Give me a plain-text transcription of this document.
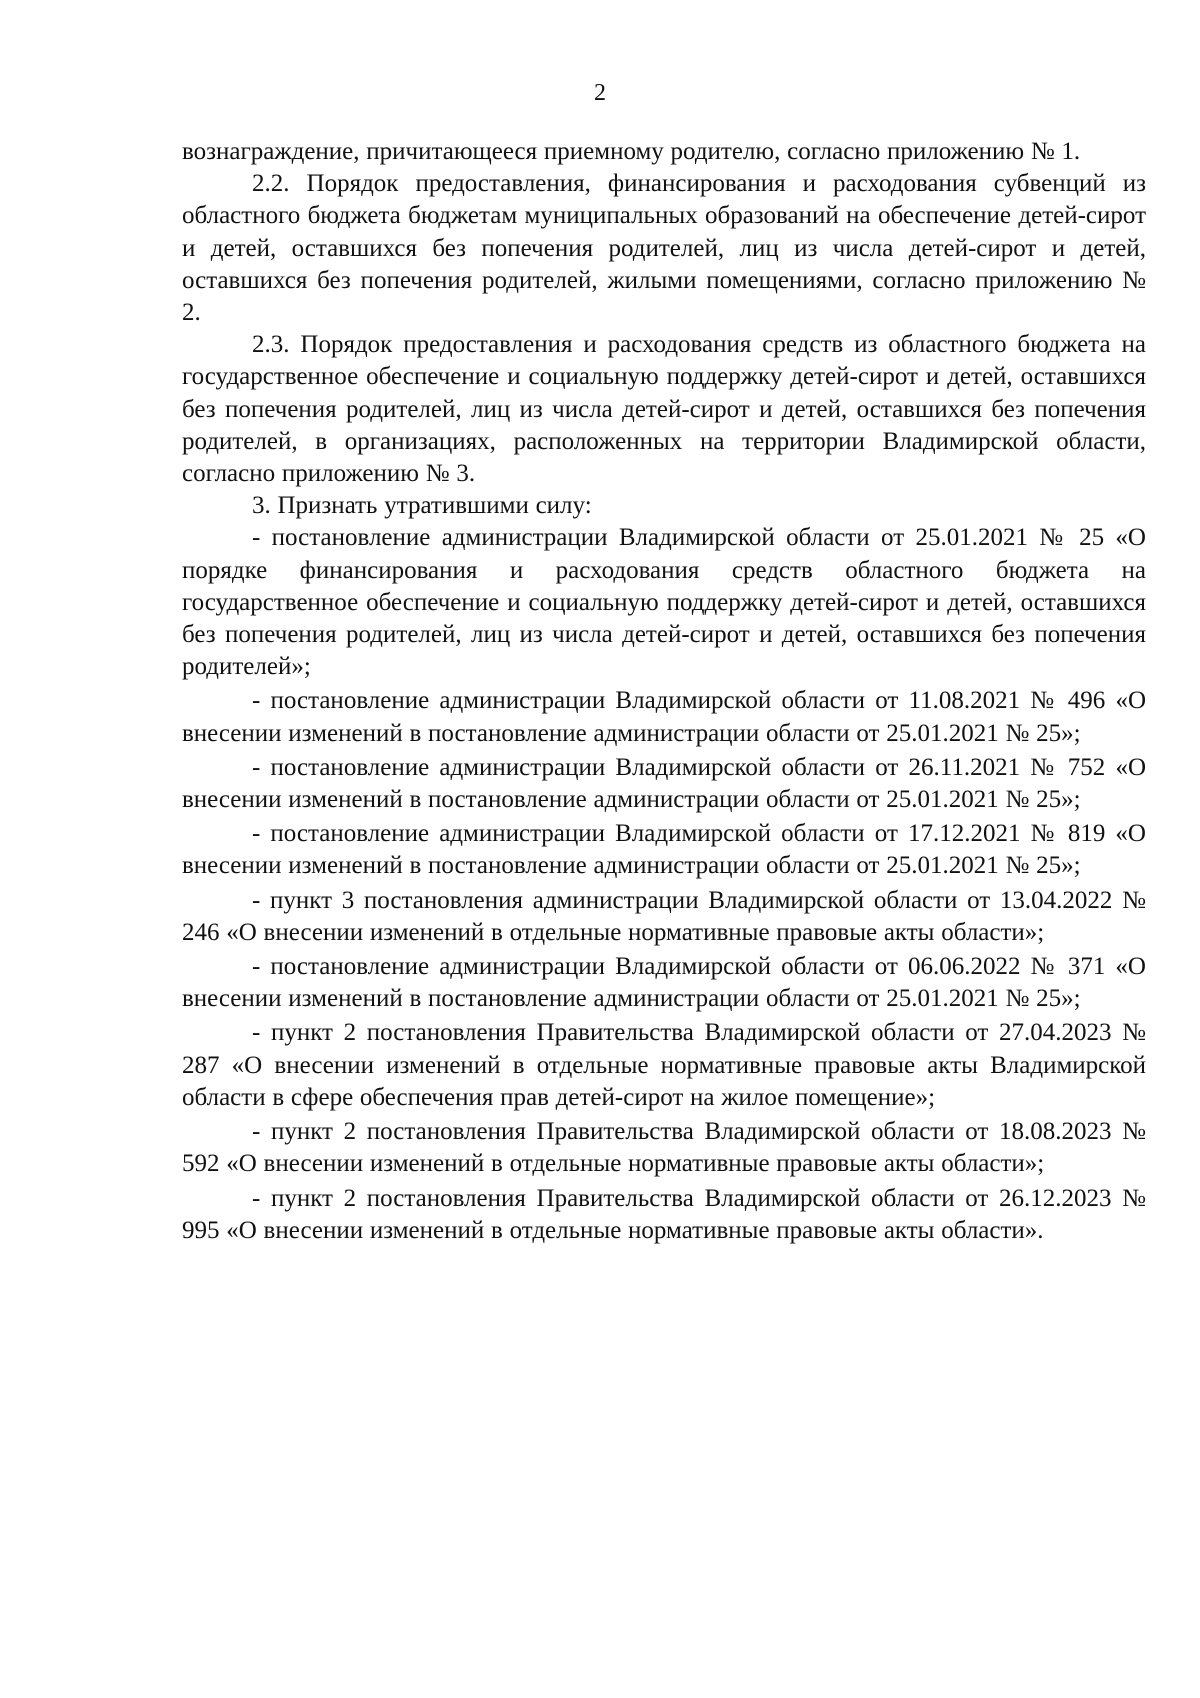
2

вознаграждение, причитающееся приемному родителю, согласно приложению № 1.

2.2. Порядок предоставления, финансирования и расходования субвенций из областного бюджета бюджетам муниципальных образований на обеспечение детей-сирот и детей, оставшихся без попечения родителей, лиц из числа детей-сирот и детей, оставшихся без попечения родителей, жилыми помещениями, согласно приложению № 2.

2.3. Порядок предоставления и расходования средств из областного бюджета на государственное обеспечение и социальную поддержку детей-сирот и детей, оставшихся без попечения родителей, лиц из числа детей-сирот и детей, оставшихся без попечения родителей, в организациях, расположенных на территории Владимирской области, согласно приложению № 3.

3. Признать утратившими силу:

- постановление администрации Владимирской области от 25.01.2021 № 25 «О порядке финансирования и расходования средств областного бюджета на государственное обеспечение и социальную поддержку детей-сирот и детей, оставшихся без попечения родителей, лиц из числа детей-сирот и детей, оставшихся без попечения родителей»;

- постановление администрации Владимирской области от 11.08.2021 № 496 «О внесении изменений в постановление администрации области от 25.01.2021 № 25»;

- постановление администрации Владимирской области от 26.11.2021 № 752 «О внесении изменений в постановление администрации области от 25.01.2021 № 25»;

- постановление администрации Владимирской области от 17.12.2021 № 819 «О внесении изменений в постановление администрации области от 25.01.2021 № 25»;

- пункт 3 постановления администрации Владимирской области от 13.04.2022 № 246 «О внесении изменений в отдельные нормативные правовые акты области»;

- постановление администрации Владимирской области от 06.06.2022 № 371 «О внесении изменений в постановление администрации области от 25.01.2021 № 25»;

- пункт 2 постановления Правительства Владимирской области от 27.04.2023 № 287 «О внесении изменений в отдельные нормативные правовые акты Владимирской области в сфере обеспечения прав детей-сирот на жилое помещение»;

- пункт 2 постановления Правительства Владимирской области от 18.08.2023 № 592 «О внесении изменений в отдельные нормативные правовые акты области»;

- пункт 2 постановления Правительства Владимирской области от 26.12.2023 № 995 «О внесении изменений в отдельные нормативные правовые акты области».
